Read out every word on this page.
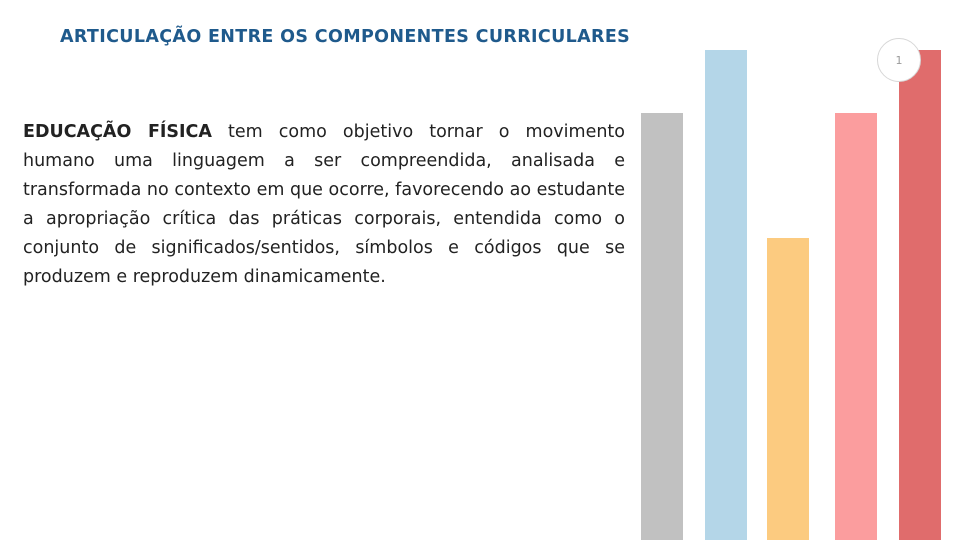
ARTICULAÇÃO ENTRE OS COMPONENTES CURRICULARES
EDUCAÇÃO FÍSICA tem como objetivo tornar o movimento humano uma linguagem a ser compreendida, analisada e transformada no contexto em que ocorre, favorecendo ao estudante a apropriação crítica das práticas corporais, entendida como o conjunto de significados/sentidos, símbolos e códigos que se produzem e reproduzem dinamicamente.
1
